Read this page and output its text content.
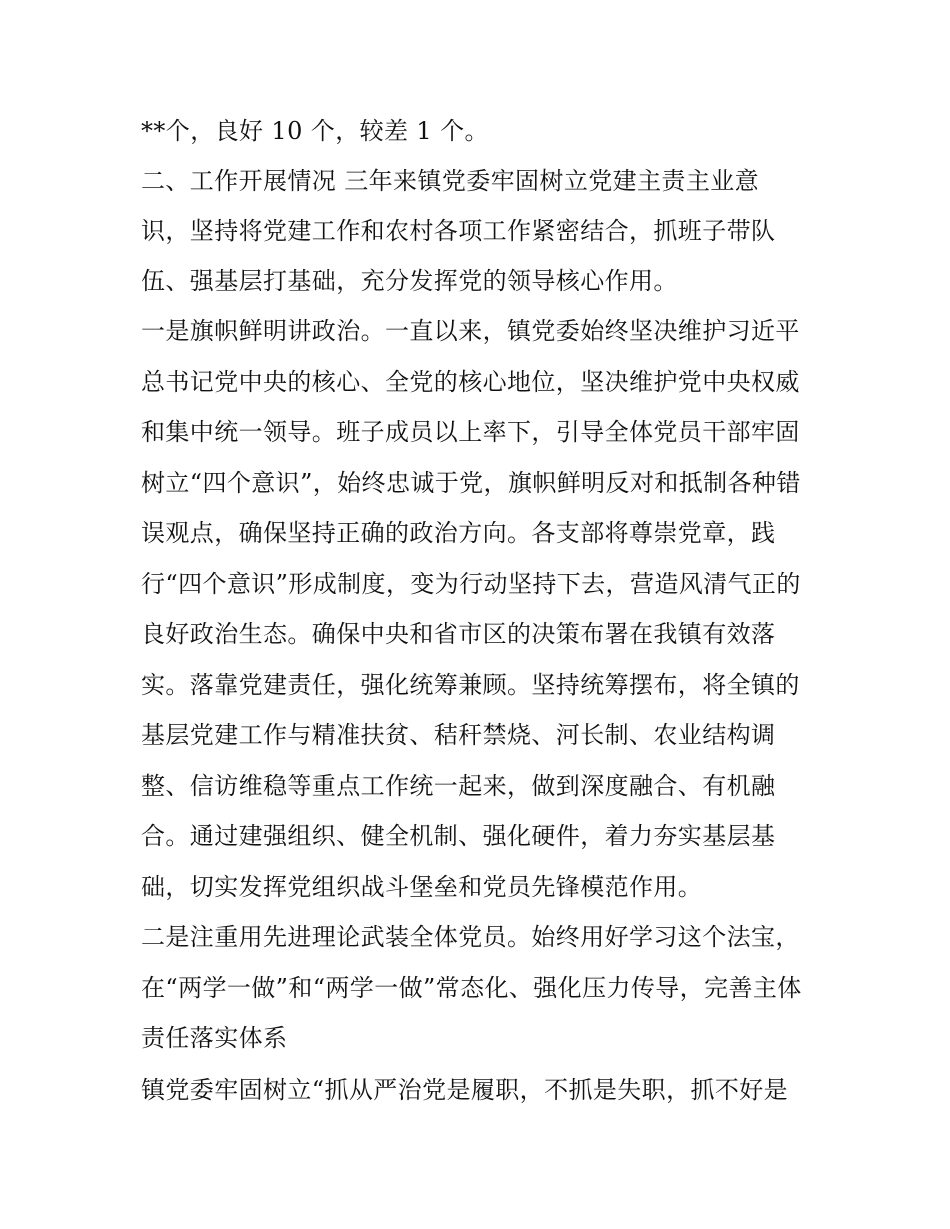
**个，良好 10 个，较差 1 个。
二、工作开展情况 三年来镇党委牢固树立党建主责主业意
识，坚持将党建工作和农村各项工作紧密结合，抓班子带队
伍、强基层打基础，充分发挥党的领导核心作用。
一是旗帜鲜明讲政治。一直以来，镇党委始终坚决维护习近平
总书记党中央的核心、全党的核心地位，坚决维护党中央权威
和集中统一领导。班子成员以上率下，引导全体党员干部牢固
树立“四个意识”，始终忠诚于党，旗帜鲜明反对和抵制各种错
误观点，确保坚持正确的政治方向。各支部将尊崇党章，践
行“四个意识”形成制度，变为行动坚持下去，营造风清气正的
良好政治生态。确保中央和省市区的决策布署在我镇有效落
实。落靠党建责任，强化统筹兼顾。坚持统筹摆布，将全镇的
基层党建工作与精准扶贫、秸秆禁烧、河长制、农业结构调
整、信访维稳等重点工作统一起来，做到深度融合、有机融
合。通过建强组织、健全机制、强化硬件，着力夯实基层基
础，切实发挥党组织战斗堡垒和党员先锋模范作用。
二是注重用先进理论武装全体党员。始终用好学习这个法宝，
在“两学一做”和“两学一做”常态化、强化压力传导，完善主体
责任落实体系
镇党委牢固树立“抓从严治党是履职，不抓是失职，抓不好是
